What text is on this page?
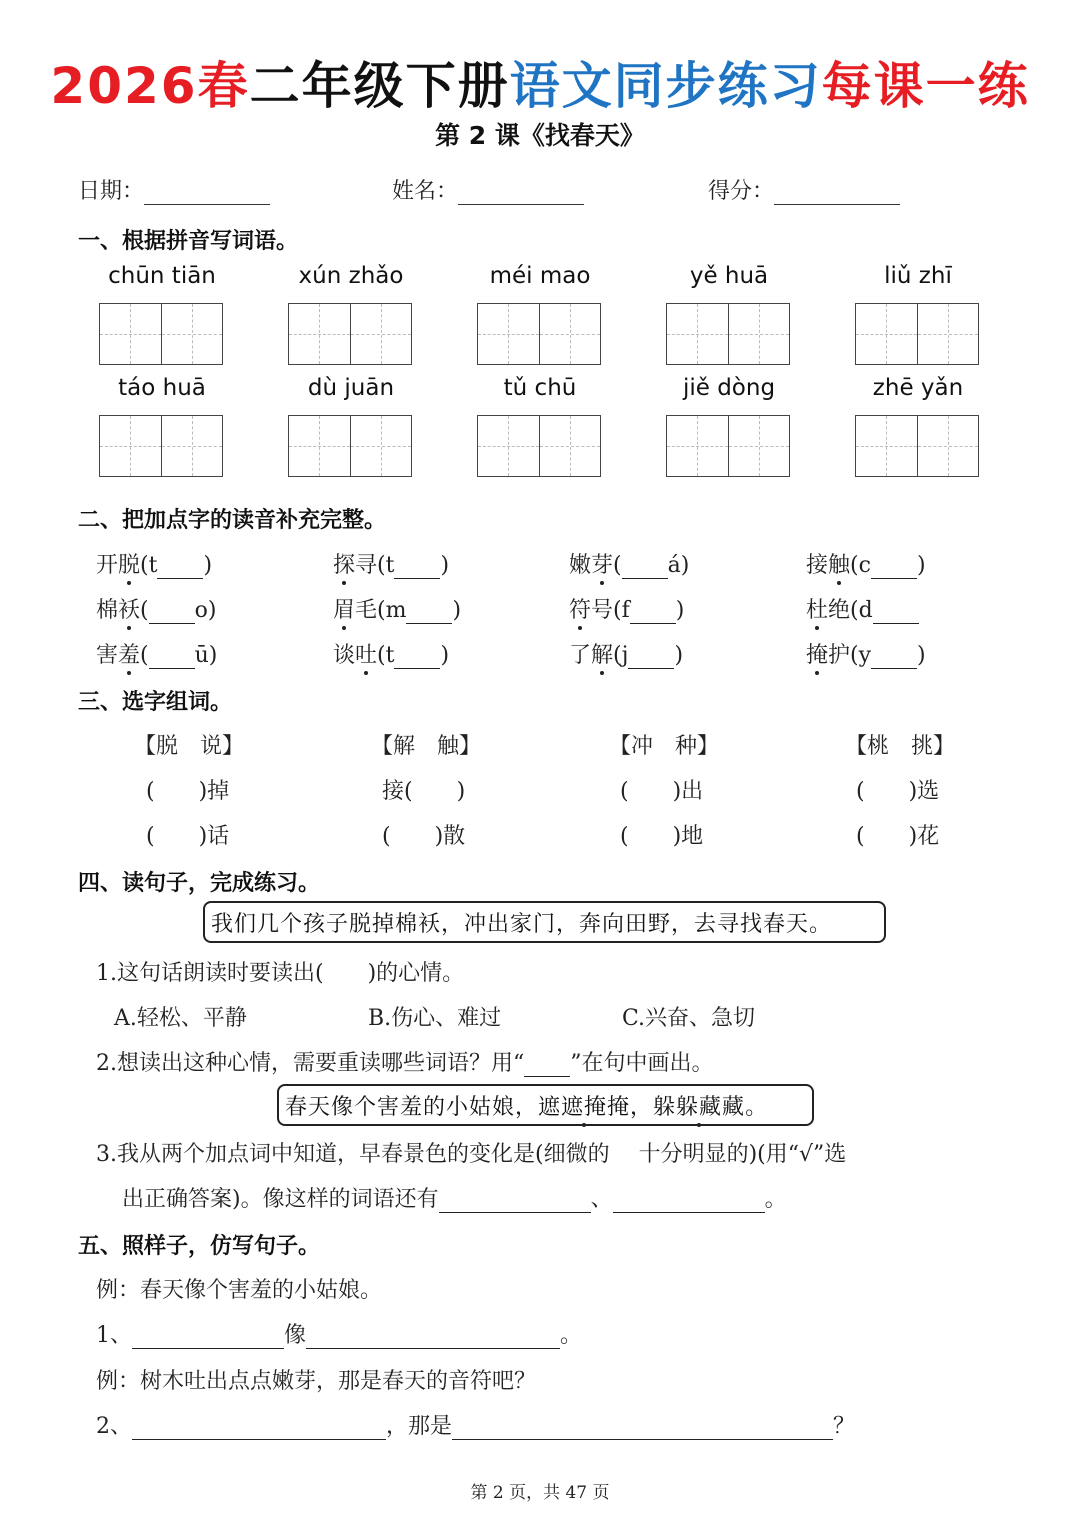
2026春二年级下册语文同步练习每课一练
第 2 课《找春天》
日期：	姓名：	得分：
一、根据拼音写词语。
chūn tiān	xún zhǎo	méi mao	yě huā	liǔ zhī
táo huā	dù juān	tǔ chū	jiě dòng	zhē yǎn
二、把加点字的读音补充完整。
开脱(t )	探寻(t )	嫩芽( á)	接触(c )
棉袄( o)	眉毛(m )	符号(f )	杜绝(d
害羞( ū)	谈吐(t )	了解(j )	掩护(y )
三、选字组词。
【脱　说】	【解　触】	【冲　种】	【桃　挑】
(　　)掉	接(　　)	(　　)出	(　　)选
(　　)话	(　　)散	(　　)地	(　　)花
四、读句子，完成练习。
我们几个孩子脱掉棉袄，冲出家门，奔向田野，去寻找春天。
1.这句话朗读时要读出(　　)的心情。
A.轻松、平静	B.伤心、难过	C.兴奋、急切
2.想读出这种心情，需要重读哪些词语？用“ ”在句中画出。
春天像个害羞的小姑娘，遮遮掩掩，躲躲藏藏。
3.我从两个加点词中知道，早春景色的变化是(细微的　 十分明显的)(用“√”选
出正确答案)。像这样的词语还有	、	。
五、照样子，仿写句子。
例：春天像个害羞的小姑娘。
1、	像	。
例：树木吐出点点嫩芽，那是春天的音符吧？
2、	，那是	？
第 2 页，共 47 页
